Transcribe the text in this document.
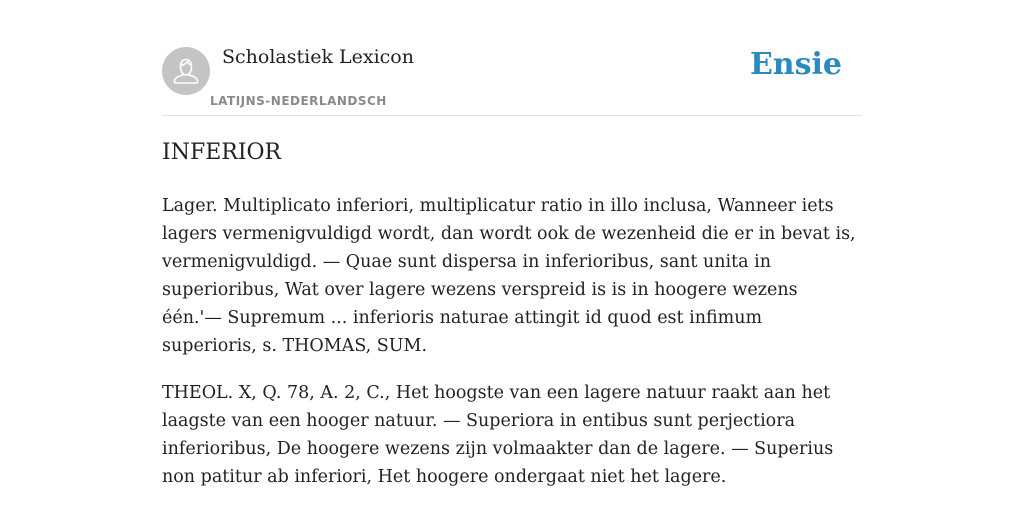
Scholastiek Lexicon
LATIJNS-NEDERLANDSCH
Ensie
INFERIOR

Lager. Multiplicato inferiori, multiplicatur ratio in illo inclusa, Wanneer iets lagers vermenigvuldigd wordt, dan wordt ook de wezenheid die er in bevat is, vermenigvuldigd. — Quae sunt dispersa in inferioribus, sant unita in superioribus, Wat over lagere wezens verspreid is is in hoogere wezens één.'— Supremum ... inferioris naturae attingit id quod est infimum superioris, s. THOMAS, SUM.

THEOL. X, Q. 78, A. 2, C., Het hoogste van een lagere natuur raakt aan het laagste van een hooger natuur. — Superiora in entibus sunt perjectiora inferioribus, De hoogere wezens zijn volmaakter dan de lagere. — Superius non patitur ab inferiori, Het hoogere ondergaat niet het lagere.
